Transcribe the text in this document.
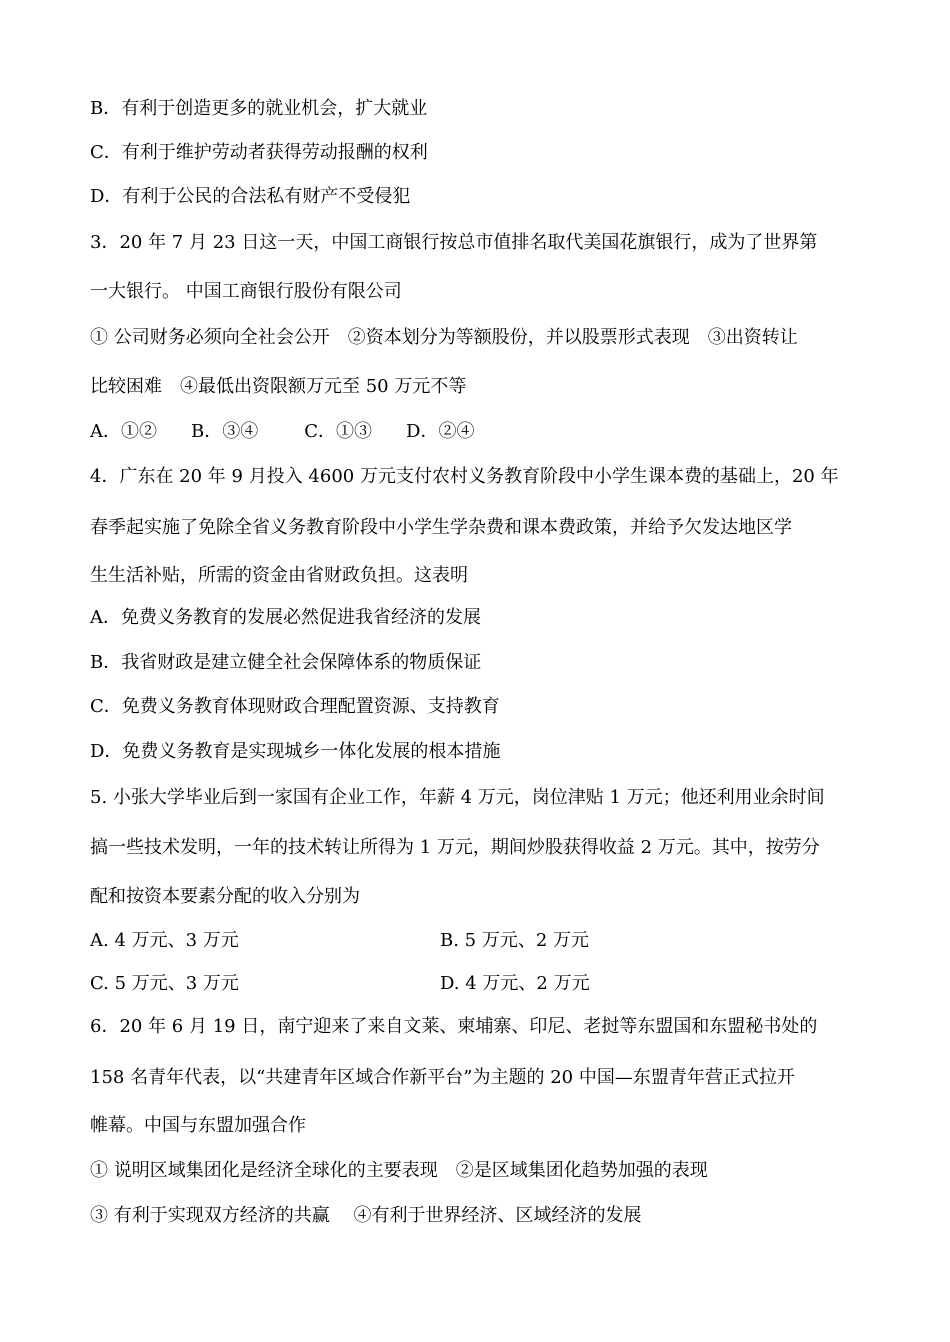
B．有利于创造更多的就业机会，扩大就业
C．有利于维护劳动者获得劳动报酬的权利
D．有利于公民的合法私有财产不受侵犯
3．20 年 7 月 23 日这一天，中国工商银行按总市值排名取代美国花旗银行，成为了世界第
一大银行。 中国工商银行股份有限公司
① 公司财务必须向全社会公开　②资本划分为等额股份，并以股票形式表现　③出资转让
比较困难　④最低出资限额万元至 50 万元不等
A．①② B．③④	C．①③ D．②④
4．广东在 20 年 9 月投入 4600 万元支付农村义务教育阶段中小学生课本费的基础上，20 年
春季起实施了免除全省义务教育阶段中小学生学杂费和课本费政策，并给予欠发达地区学
生生活补贴，所需的资金由省财政负担。这表明
A．免费义务教育的发展必然促进我省经济的发展
B．我省财政是建立健全社会保障体系的物质保证
C．免费义务教育体现财政合理配置资源、支持教育
D．免费义务教育是实现城乡一体化发展的根本措施
5. 小张大学毕业后到一家国有企业工作，年薪 4 万元，岗位津贴 1 万元；他还利用业余时间
搞一些技术发明，一年的技术转让所得为 1 万元，期间炒股获得收益 2 万元。其中，按劳分
配和按资本要素分配的收入分别为
A. 4 万元、3 万元	B. 5 万元、2 万元
C. 5 万元、3 万元	D. 4 万元、2 万元
6．20 年 6 月 19 日，南宁迎来了来自文莱、柬埔寨、印尼、老挝等东盟国和东盟秘书处的
158 名青年代表，以“共建青年区域合作新平台”为主题的 20 中国—东盟青年营正式拉开
帷幕。中国与东盟加强合作
① 说明区域集团化是经济全球化的主要表现　②是区域集团化趋势加强的表现
③ 有利于实现双方经济的共赢　 ④有利于世界经济、区域经济的发展
